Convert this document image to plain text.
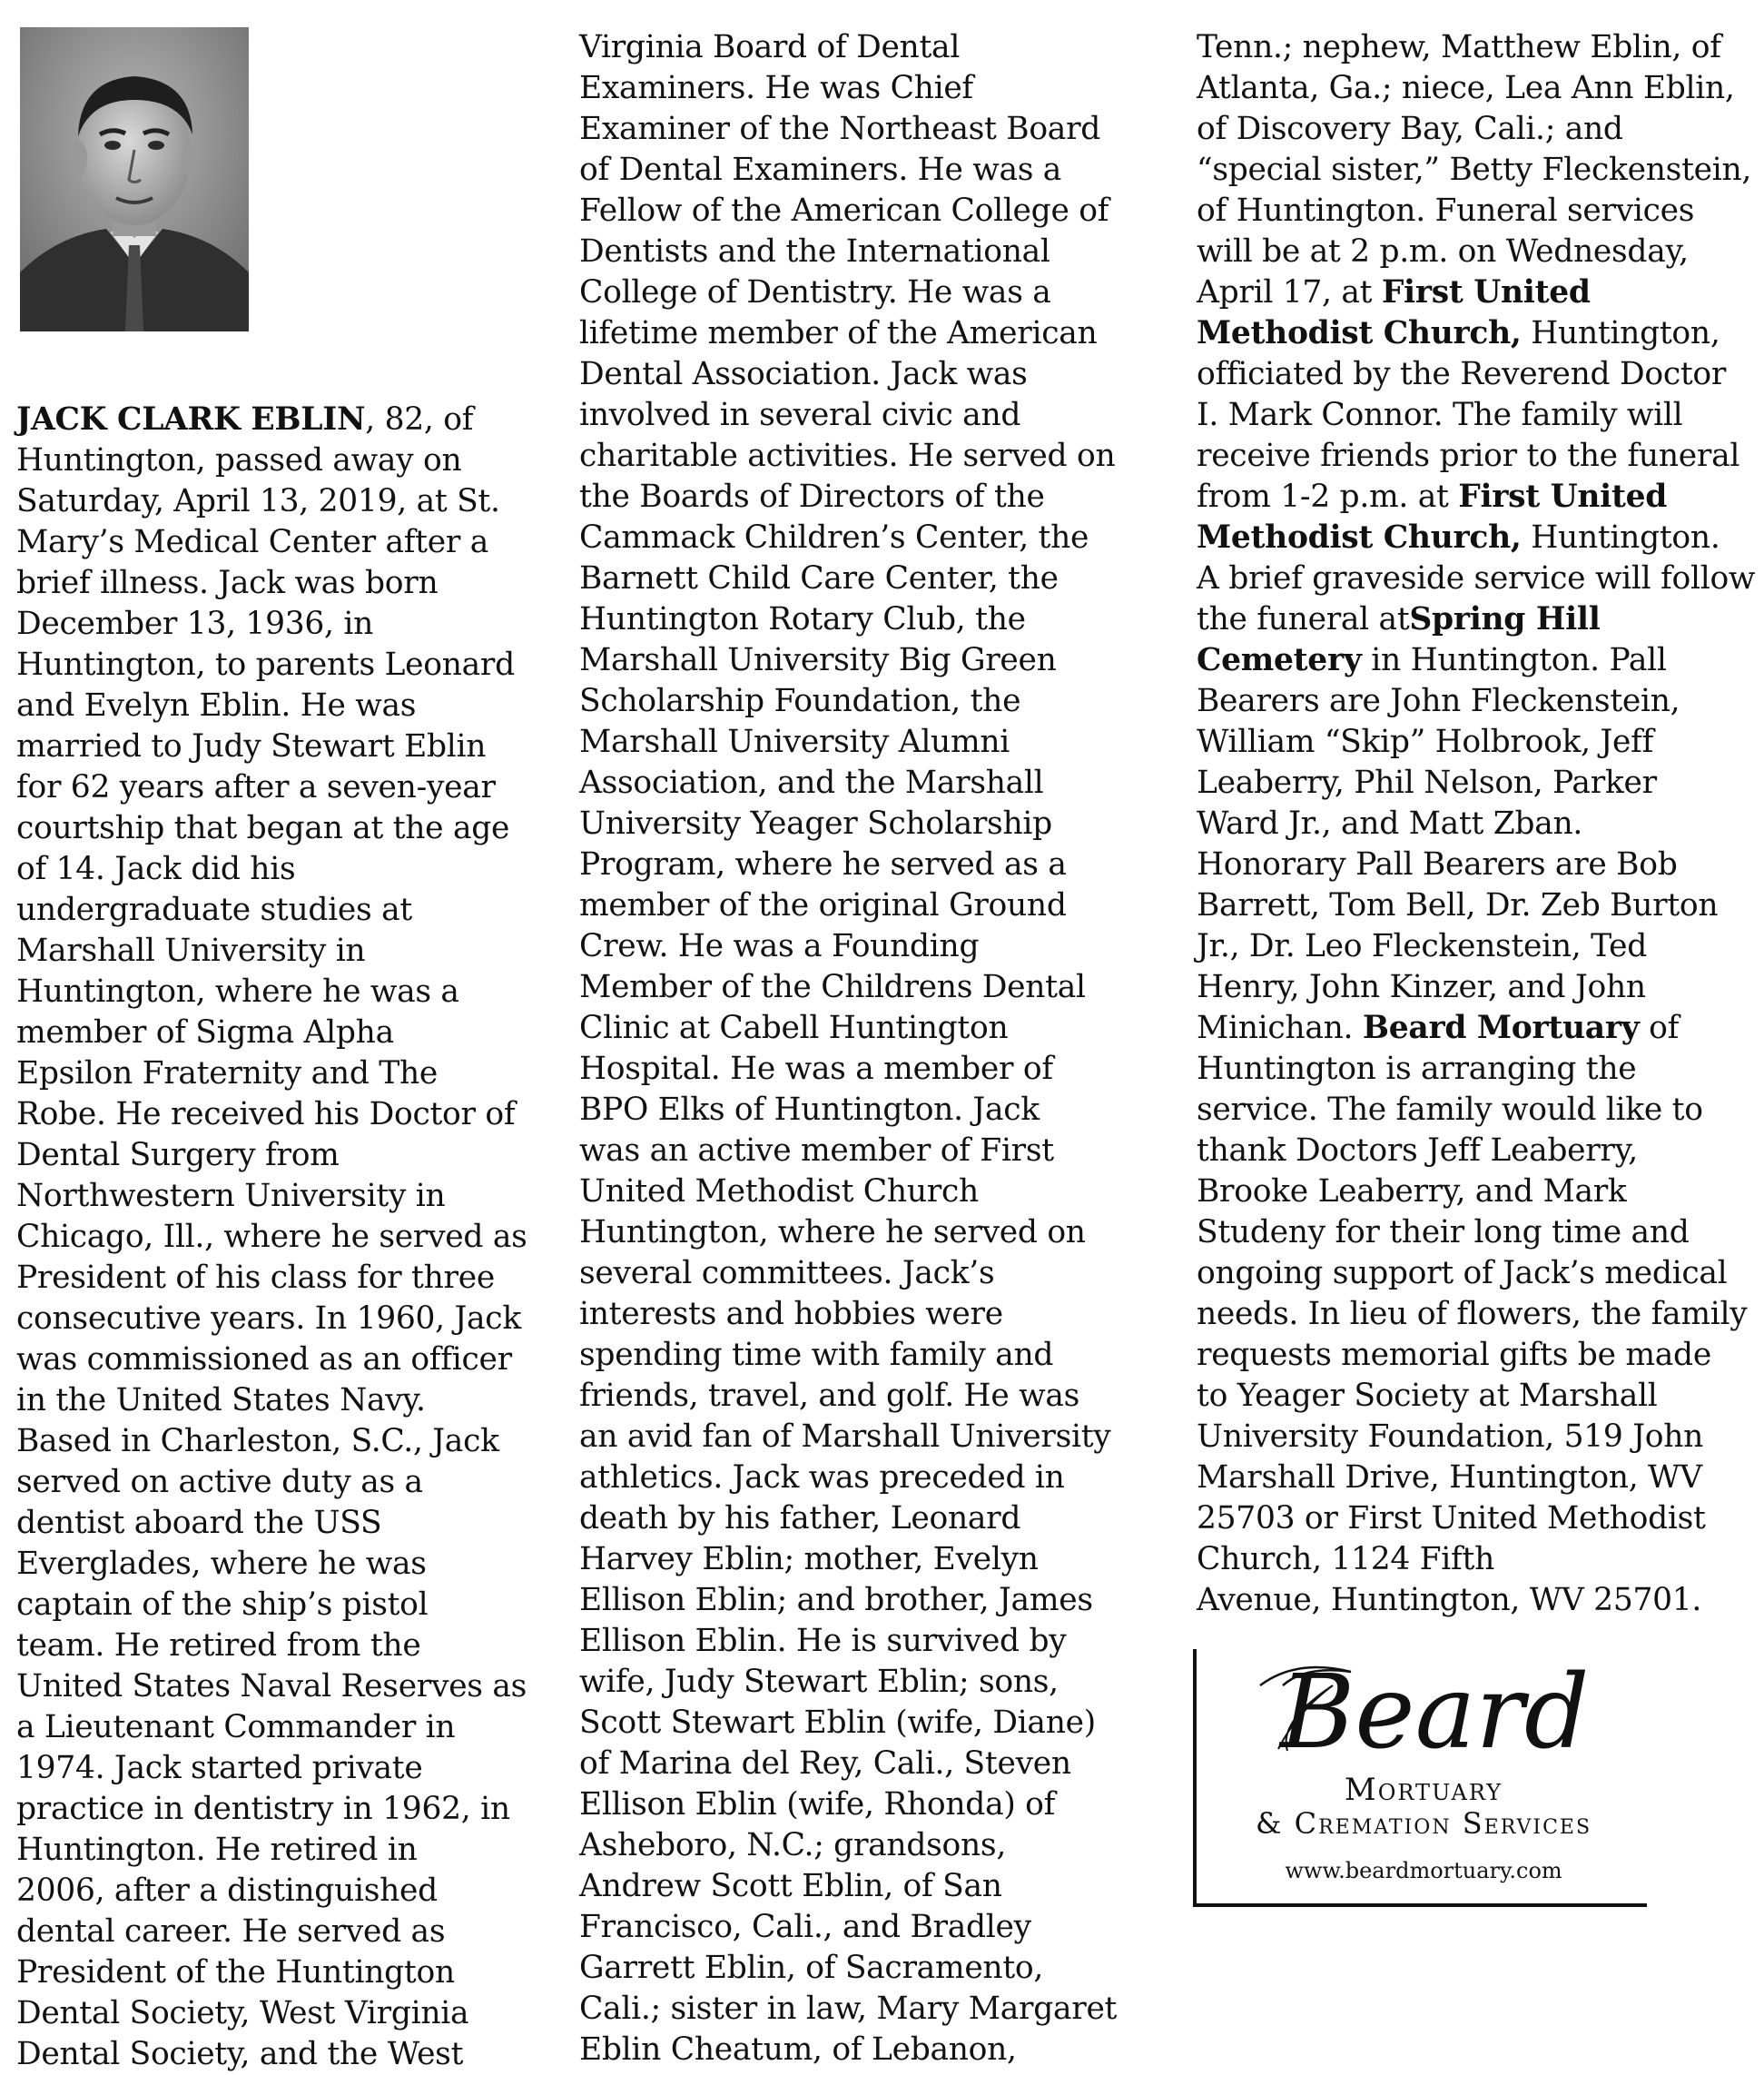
JACK CLARK EBLIN, 82, of
Huntington, passed away on
Saturday, April 13, 2019, at St.
Mary’s Medical Center after a
brief illness. Jack was born
December 13, 1936, in
Huntington, to parents Leonard
and Evelyn Eblin. He was
married to Judy Stewart Eblin
for 62 years after a seven-year
courtship that began at the age
of 14. Jack did his
undergraduate studies at
Marshall University in
Huntington, where he was a
member of Sigma Alpha
Epsilon Fraternity and The
Robe. He received his Doctor of
Dental Surgery from
Northwestern University in
Chicago, Ill., where he served as
President of his class for three
consecutive years. In 1960, Jack
was commissioned as an officer
in the United States Navy.
Based in Charleston, S.C., Jack
served on active duty as a
dentist aboard the USS
Everglades, where he was
captain of the ship’s pistol
team. He retired from the
United States Naval Reserves as
a Lieutenant Commander in
1974. Jack started private
practice in dentistry in 1962, in
Huntington. He retired in
2006, after a distinguished
dental career. He served as
President of the Huntington
Dental Society, West Virginia
Dental Society, and the West
Virginia Board of Dental
Examiners. He was Chief
Examiner of the Northeast Board
of Dental Examiners. He was a
Fellow of the American College of
Dentists and the International
College of Dentistry. He was a
lifetime member of the American
Dental Association. Jack was
involved in several civic and
charitable activities. He served on
the Boards of Directors of the
Cammack Children’s Center, the
Barnett Child Care Center, the
Huntington Rotary Club, the
Marshall University Big Green
Scholarship Foundation, the
Marshall University Alumni
Association, and the Marshall
University Yeager Scholarship
Program, where he served as a
member of the original Ground
Crew. He was a Founding
Member of the Childrens Dental
Clinic at Cabell Huntington
Hospital. He was a member of
BPO Elks of Huntington. Jack
was an active member of First
United Methodist Church
Huntington, where he served on
several committees. Jack’s
interests and hobbies were
spending time with family and
friends, travel, and golf. He was
an avid fan of Marshall University
athletics. Jack was preceded in
death by his father, Leonard
Harvey Eblin; mother, Evelyn
Ellison Eblin; and brother, James
Ellison Eblin. He is survived by
wife, Judy Stewart Eblin; sons,
Scott Stewart Eblin (wife, Diane)
of Marina del Rey, Cali., Steven
Ellison Eblin (wife, Rhonda) of
Asheboro, N.C.; grandsons,
Andrew Scott Eblin, of San
Francisco, Cali., and Bradley
Garrett Eblin, of Sacramento,
Cali.; sister in law, Mary Margaret
Eblin Cheatum, of Lebanon,
Tenn.; nephew, Matthew Eblin, of
Atlanta, Ga.; niece, Lea Ann Eblin,
of Discovery Bay, Cali.; and
“special sister,” Betty Fleckenstein,
of Huntington. Funeral services
will be at 2 p.m. on Wednesday,
April 17, at First United
Methodist Church, Huntington,
officiated by the Reverend Doctor
I. Mark Connor. The family will
receive friends prior to the funeral
from 1-2 p.m. at First United
Methodist Church, Huntington.
A brief graveside service will follow
the funeral atSpring Hill
Cemetery in Huntington. Pall
Bearers are John Fleckenstein,
William “Skip” Holbrook, Jeff
Leaberry, Phil Nelson, Parker
Ward Jr., and Matt Zban.
Honorary Pall Bearers are Bob
Barrett, Tom Bell, Dr. Zeb Burton
Jr., Dr. Leo Fleckenstein, Ted
Henry, John Kinzer, and John
Minichan. Beard Mortuary of
Huntington is arranging the
service. The family would like to
thank Doctors Jeff Leaberry,
Brooke Leaberry, and Mark
Studeny for their long time and
ongoing support of Jack’s medical
needs. In lieu of flowers, the family
requests memorial gifts be made
to Yeager Society at Marshall
University Foundation, 519 John
Marshall Drive, Huntington, WV
25703 or First United Methodist
Church, 1124 Fifth
Avenue, Huntington, WV 25701.
Beard
Mortuary
& Cremation Services
www.beardmortuary.com
